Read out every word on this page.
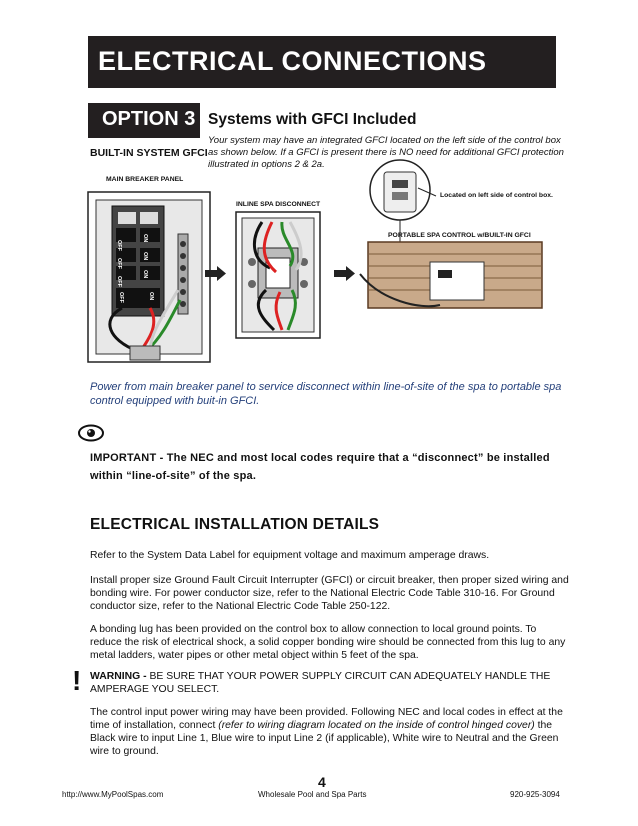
ELECTRICAL CONNECTIONS
OPTION 3 Systems with GFCI Included
BUILT-IN SYSTEM GFCI
Your system may have an integrated GFCI located on the left side of the control box as shown below. If a GFCI is present there is NO need for additional GFCI protection illustrated in options 2 & 2a.
MAIN BREAKER PANEL
INLINE SPA DISCONNECT
Located on left side of control box.
PORTABLE SPA CONTROL w/BUILT-IN GFCI
OFF
ON
OFF
ON
OFF
ON
OFF	ON
Power from main breaker panel to service disconnect within line-of-site of the spa to portable spa control equipped with buit-in GFCI.
IMPORTANT - The NEC and most local codes require that a “disconnect” be installed within “line-of-site” of the spa.
ELECTRICAL INSTALLATION DETAILS
Refer to the System Data Label for equipment voltage and maximum amperage draws.
Install proper size Ground Fault Circuit Interrupter (GFCI) or circuit breaker, then proper sized wiring and bonding wire. For power conductor size, refer to the National Electric Code Table 310-16. For Ground conductor size, refer to the National Electric Code Table 250-122.
A bonding lug has been provided on the control box to allow connection to local ground points. To reduce the risk of electrical shock, a solid copper bonding wire should be connected from this lug to any metal ladders, water pipes or other metal object within 5 feet of the spa.
! WARNING - BE SURE THAT YOUR POWER SUPPLY CIRCUIT CAN ADEQUATELY HANDLE THE AMPERAGE YOU SELECT.
The control input power wiring may have been provided. Following NEC and local codes in effect at the time of installation, connect (refer to wiring diagram located on the inside of control hinged cover) the Black wire to input Line 1, Blue wire to input Line 2 (if applicable), White wire to Neutral and the Green wire to ground.
4
http://www.MyPoolSpas.com	Wholesale Pool and Spa Parts	920-925-3094
